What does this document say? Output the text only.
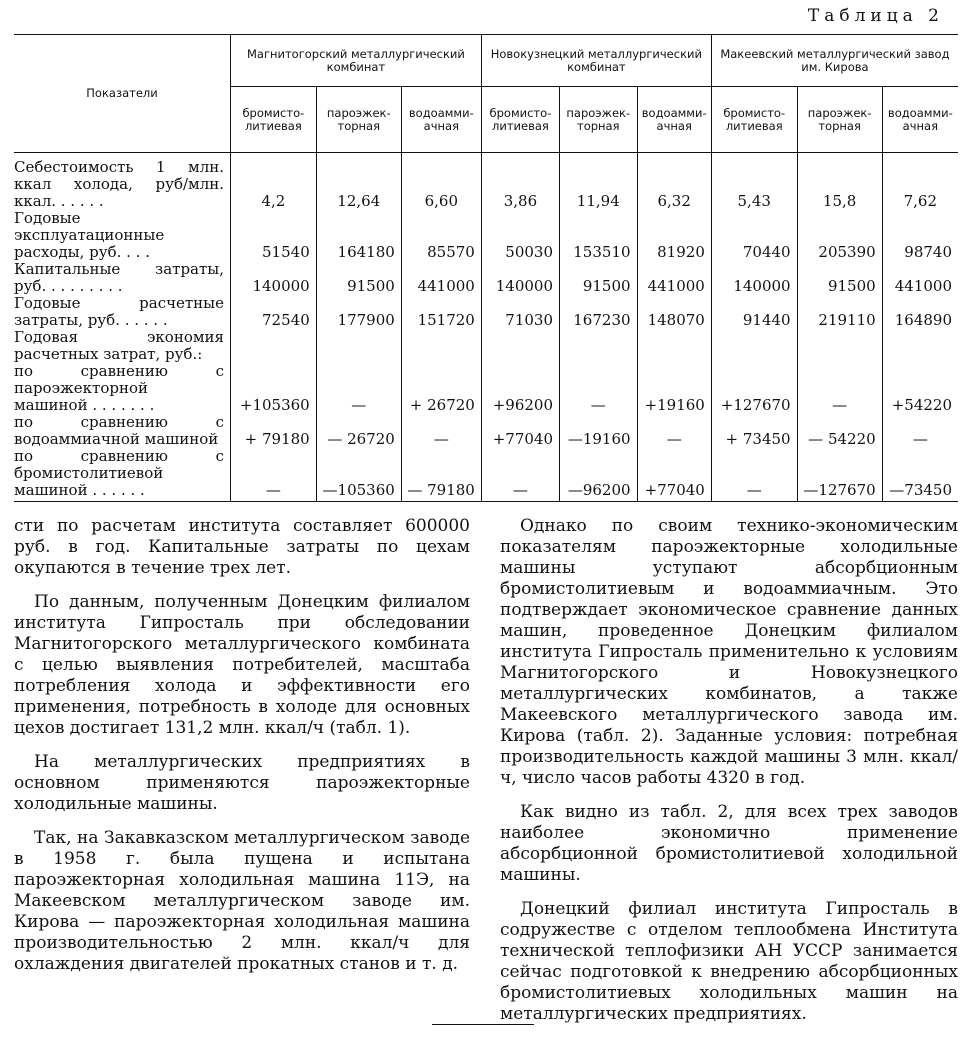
Таблица 2
Показатели	Магнитогорский металлургический комбинат			Новокузнецкий металлургический комбинат			Макеевский металлургический завод им. Кирова		
	бромисто-литиевая	пароэжек-торная	водоамми-ачная	бромисто-литиевая	пароэжек-торная	водоамми-ачная	бромисто-литиевая	пароэжек-торная	водоамми-ачная
Себестоимость 1 млн. ккал холода, руб/млн. ккал. . . . . .	4,2	12,64	6,60	3,86	11,94	6,32	5,43	15,8	7,62
Годовые эксплуатационные расходы, руб. . . .	51540	164180	85570	50030	153510	81920	70440	205390	98740
Капитальные затраты, руб. . . . . . . . .	140000	91500	441000	140000	91500	441000	140000	91500	441000
Годовые расчетные затраты, руб. . . . . .	72540	177900	151720	71030	167230	148070	91440	219110	164890
Годовая экономия расчетных затрат, руб.:									
по сравнению с пароэжекторной машиной . . . . . . .	+105360	—	+ 26720	+96200	—	+19160	+127670	—	+54220
по сравнению с водоаммиачной машиной	+ 79180	— 26720	—	+77040	—19160	—	+ 73450	— 54220	—
по сравнению с бромистолитиевой машиной . . . . . .	—	—105360	— 79180	—	—96200	+77040	—	—127670	—73450

сти по расчетам института составляет 600000 руб. в год. Капитальные затраты по цехам окупаются в течение трех лет.

По данным, полученным Донецким филиалом института Гипросталь при обследовании Магнитогорского металлургического комбината с целью выявления потребителей, масштаба потребления холода и эффективности его применения, потребность в холоде для основных цехов достигает 131,2 млн. ккал/ч (табл. 1).

На металлургических предприятиях в основном применяются пароэжекторные холодильные машины.

Так, на Закавказском металлургическом заводе в 1958 г. была пущена и испытана пароэжекторная холодильная машина 11Э, на Макеевском металлургическом заводе им. Кирова — пароэжекторная холодильная машина производительностью 2 млн. ккал/ч для охлаждения двигателей прокатных станов и т. д.

Однако по своим технико-экономическим показателям пароэжекторные холодильные машины уступают абсорбционным бромистолитиевым и водоаммиачным. Это подтверждает экономическое сравнение данных машин, проведенное Донецким филиалом института Гипросталь применительно к условиям Магнитогорского и Новокузнецкого металлургических комбинатов, а также Макеевского металлургического завода им. Кирова (табл. 2). Заданные условия: потребная производительность каждой машины 3 млн. ккал/ч, число часов работы 4320 в год.

Как видно из табл. 2, для всех трех заводов наиболее экономично применение абсорбционной бромистолитиевой холодильной машины.

Донецкий филиал института Гипросталь в содружестве с отделом теплообмена Института технической теплофизики АН УССР занимается сейчас подготовкой к внедрению абсорбционных бромистолитиевых холодильных машин на металлургических предприятиях.
